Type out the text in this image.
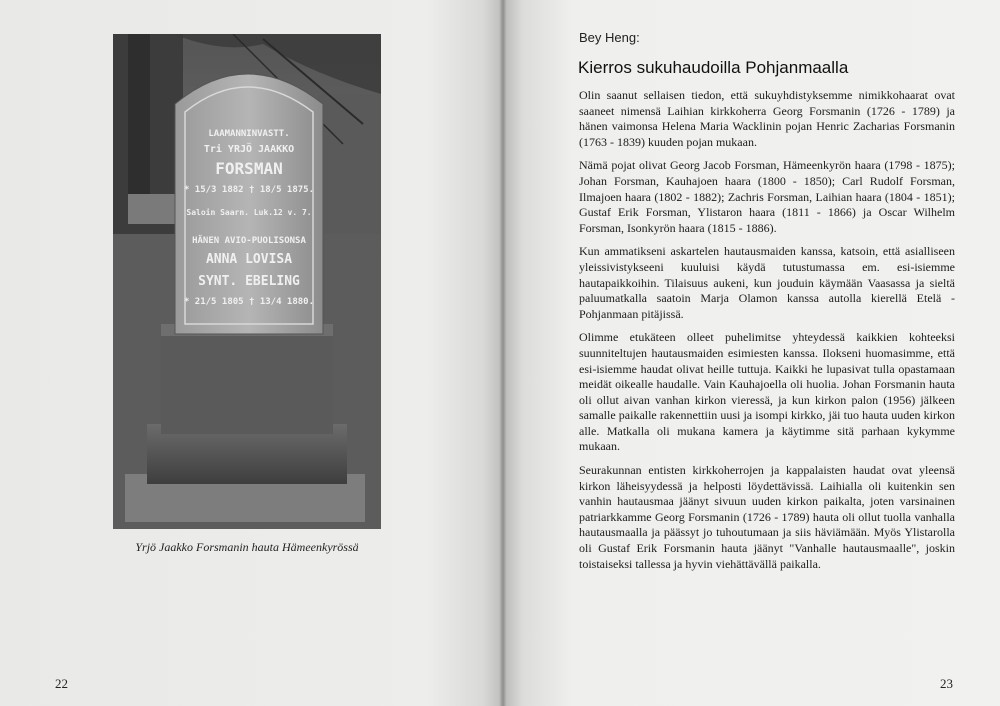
LAAMANNINVASTT.
Tri YRJÖ JAAKKO
FORSMAN
* 15/3 1882 † 18/5 1875.
Saloin Saarn. Luk.12 v. 7.
HÄNEN AVIO-PUOLISONSA
ANNA LOVISA
SYNT. EBELING
* 21/5 1805 † 13/4 1880.
Yrjö Jaakko Forsmanin hauta Hämeenkyrössä
22
Bey Heng:
Kierros sukuhaudoilla Pohjanmaalla

Olin saanut sellaisen tiedon, että sukuyhdistyksemme nimikkohaarat ovat saaneet nimensä Laihian kirkkoherra Georg Forsmanin (1726 - 1789) ja hänen vaimonsa Helena Maria Wacklinin pojan Henric Zacharias Forsmanin (1763 - 1839) kuuden pojan mukaan.

Nämä pojat olivat Georg Jacob Forsman, Hämeenkyrön haara (1798 - 1875); Johan Forsman, Kauhajoen haara (1800 - 1850); Carl Rudolf Forsman, Ilmajoen haara (1802 - 1882); Zachris Forsman, Laihian haara (1804 - 1851); Gustaf Erik Forsman, Ylistaron haara (1811 - 1866) ja Oscar Wilhelm Forsman, Isonkyrön haara (1815 - 1886).

Kun ammatikseni askartelen hautausmaiden kanssa, katsoin, että asialliseen yleissivistykseeni kuuluisi käydä tutustumassa em. esi-isiemme hautapaikkoihin. Tilaisuus aukeni, kun jouduin käymään Vaasassa ja sieltä paluumatkalla saatoin Marja Olamon kanssa autolla kierellä Etelä - Pohjanmaan pitäjissä.

Olimme etukäteen olleet puhelimitse yhteydessä kaikkien kohteeksi suunniteltujen hautausmaiden esimiesten kanssa. Ilokseni huomasimme, että esi-isiemme haudat olivat heille tuttuja. Kaikki he lupasivat tulla opastamaan meidät oikealle haudalle. Vain Kauhajoella oli huolia. Johan Forsmanin hauta oli ollut aivan vanhan kirkon vieressä, ja kun kirkon palon (1956) jälkeen samalle paikalle rakennettiin uusi ja isompi kirkko, jäi tuo hauta uuden kirkon alle. Matkalla oli mukana kamera ja käytimme sitä parhaan kykymme mukaan.

Seurakunnan entisten kirkkoherrojen ja kappalaisten haudat ovat yleensä kirkon läheisyydessä ja helposti löydettävissä. Laihialla oli kuitenkin sen vanhin hautausmaa jäänyt sivuun uuden kirkon paikalta, joten varsinainen patriarkkamme Georg Forsmanin (1726 - 1789) hauta oli ollut tuolla vanhalla hautausmaalla ja päässyt jo tuhoutumaan ja siis häviämään. Myös Ylistarolla oli Gustaf Erik Forsmanin hauta jäänyt "Vanhalle hautausmaalle", joskin toistaiseksi tallessa ja hyvin viehättävällä paikalla.

23
